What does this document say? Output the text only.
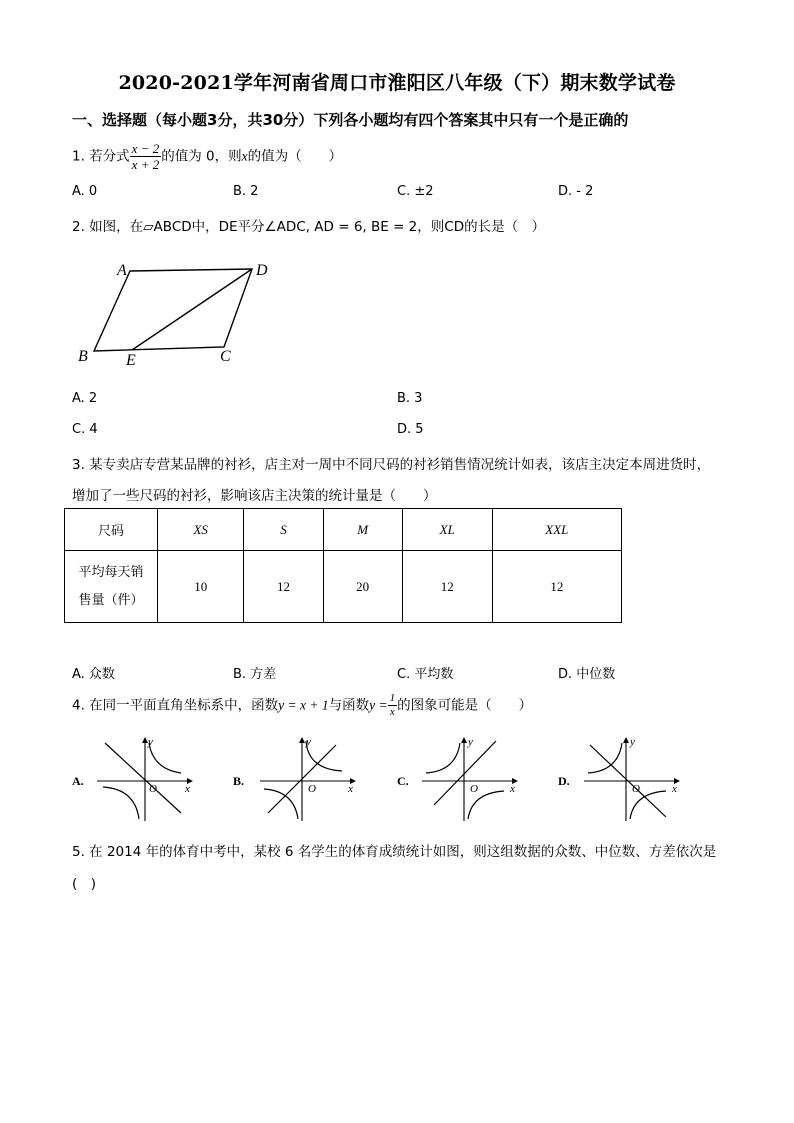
2020-2021学年河南省周口市淮阳区八年级（下）期末数学试卷
一、选择题（每小题3分，共30分）下列各小题均有四个答案其中只有一个是正确的
1. 若分式 $\frac{x - 2}{x + 2}$ 的值为 0，则x的值为（　　）
A. 0	B. 2	C. ±2	D. ‑ 2
2. 如图，在▱ABCD中，DE平分∠ADC, AD = 6, BE = 2，则CD的长是（　）
A	D
B E	C
A. 2	B. 3
C. 4	D. 5
3. 某专卖店专营某品牌的衬衫，店主对一周中不同尺码的衬衫销售情况统计如表，该店主决定本周进货时，
增加了一些尺码的衬衫，影响该店主决策的统计量是（　　）
尺码	XS	S	M	XL	XXL
平均每天销
售量（件）	10	12	20	12	12
A. 众数	B. 方差	C. 平均数	D. 中位数
4. 在同一平面直角坐标系中，函数y = x + 1与函数$y = \frac{1}{x}$ 的图象可能是（　　）
A.
y
x
O
B.
y
x
O
C.
y
x
O
D.
y
x
O
5. 在 2014 年的体育中考中，某校 6 名学生的体育成绩统计如图，则这组数据的众数、中位数、方差依次是
(　)
